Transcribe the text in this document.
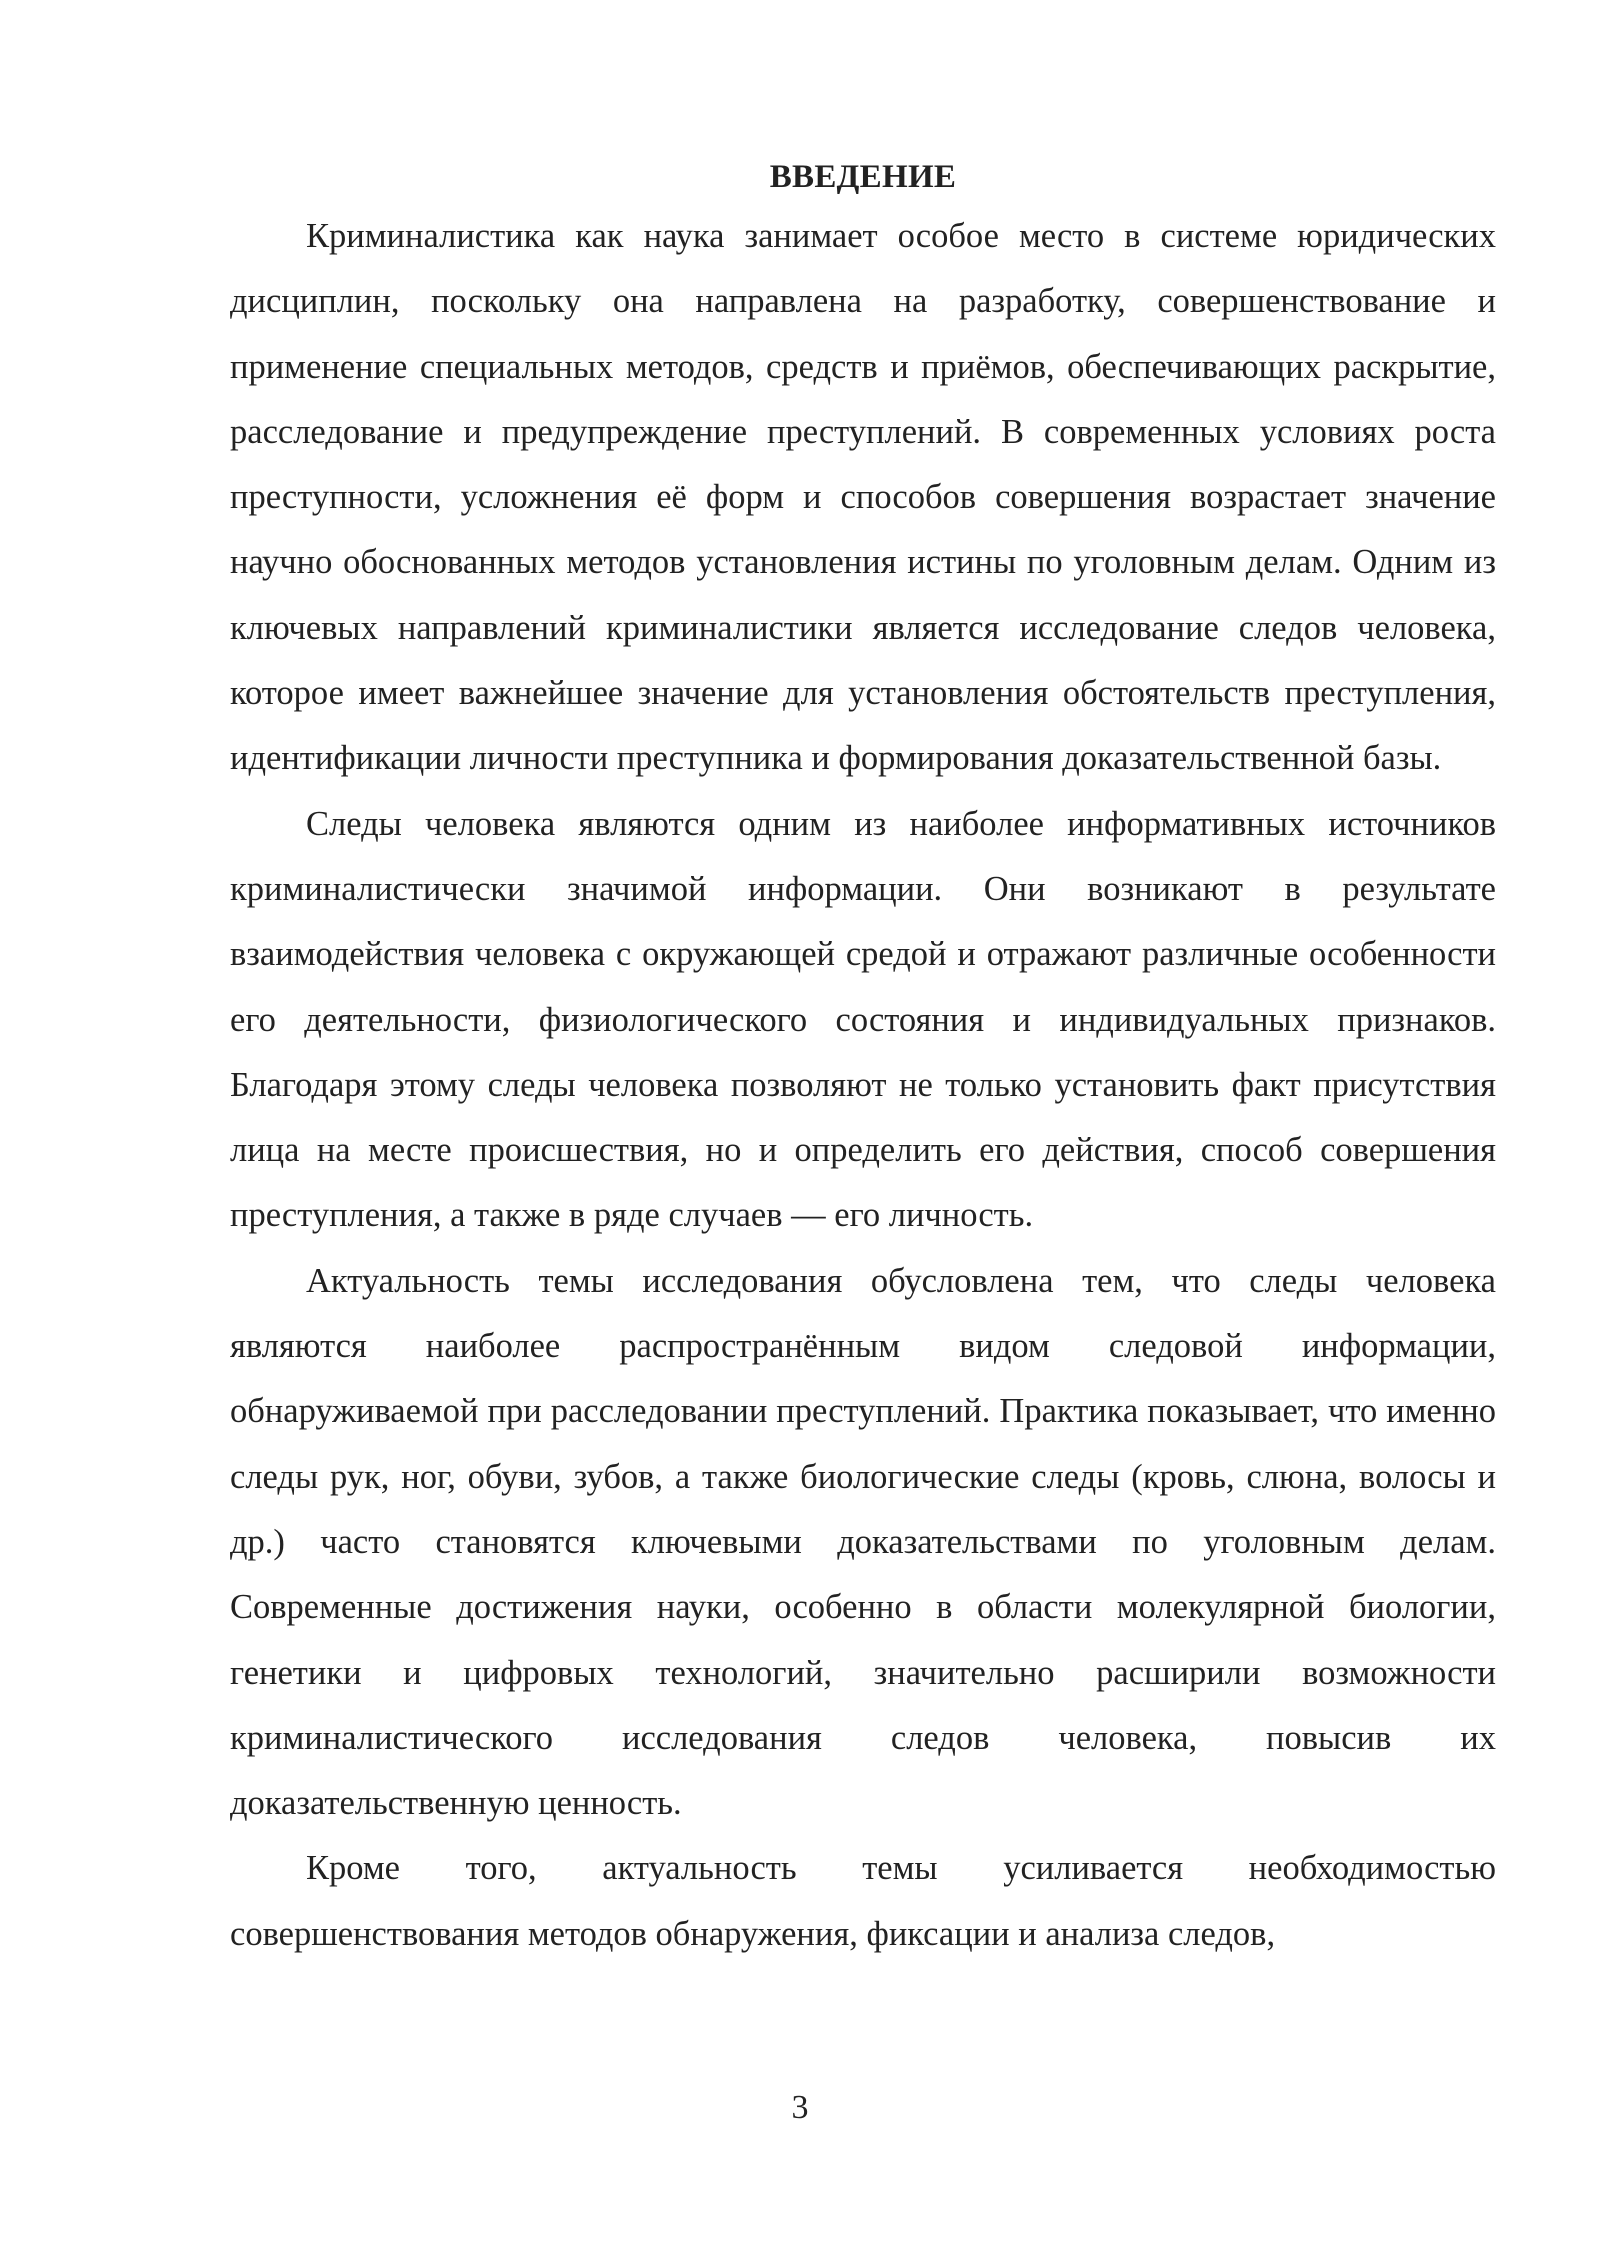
ВВЕДЕНИЕ

Криминалистика как наука занимает особое место в системе юридических дисциплин, поскольку она направлена на разработку, совершенствование и применение специальных методов, средств и приёмов, обеспечивающих раскрытие, расследование и предупреждение преступлений. В современных условиях роста преступности, усложнения её форм и способов совершения возрастает значение научно обоснованных методов установления истины по уголовным делам. Одним из ключевых направлений криминалистики является исследование следов человека, которое имеет важнейшее значение для установления обстоятельств преступления, идентификации личности преступника и формирования доказательственной базы.

Следы человека являются одним из наиболее информативных источников криминалистически значимой информации. Они возникают в результате взаимодействия человека с окружающей средой и отражают различные особенности его деятельности, физиологического состояния и индивидуальных признаков. Благодаря этому следы человека позволяют не только установить факт присутствия лица на месте происшествия, но и определить его действия, способ совершения преступления, а также в ряде случаев — его личность.

Актуальность темы исследования обусловлена тем, что следы человека являются наиболее распространённым видом следовой информации, обнаруживаемой при расследовании преступлений. Практика показывает, что именно следы рук, ног, обуви, зубов, а также биологические следы (кровь, слюна, волосы и др.) часто становятся ключевыми доказательствами по уголовным делам. Современные достижения науки, особенно в области молекулярной биологии, генетики и цифровых технологий, значительно расширили возможности криминалистического исследования следов человека, повысив их доказательственную ценность.

Кроме того, актуальность темы усиливается необходимостью совершенствования методов обнаружения, фиксации и анализа следов,

3
